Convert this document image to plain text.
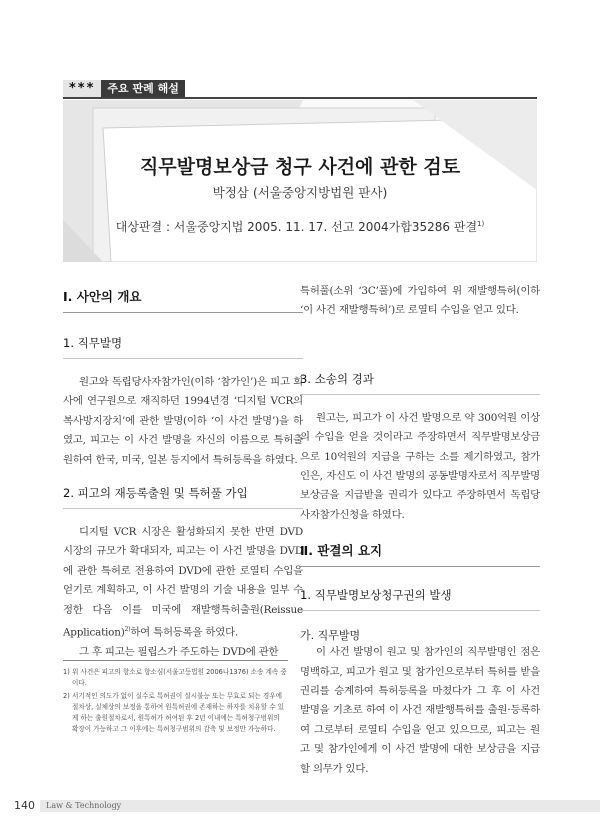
***	주요 판례 해설
직무발명보상금 청구 사건에 관한 검토
박정삼 (서울중앙지방법원 판사)
대상판결 : 서울중앙지법 2005. 11. 17. 선고 2004가합35286 판결$^{1)}$
Ⅰ. 사안의 개요
1. 직무발명

원고와 독립당사자참가인(이하 ‘참가인’)은 피고 회사에 연구원으로 재직하던 1994년경 ‘디지털 VCR의 복사방지장치’에 관한 발명(이하 ‘이 사건 발명’)을 하였고, 피고는 이 사건 발명을 자신의 이름으로 특허출원하여 한국, 미국, 일본 등지에서 특허등록을 하였다.

2. 피고의 재등록출원 및 특허풀 가입

디지털 VCR 시장은 활성화되지 못한 반면 DVD 시장의 규모가 확대되자, 피고는 이 사건 발명을 DVD에 관한 특허로 전용하여 DVD에 관한 로열티 수입을 얻기로 계획하고, 이 사건 발명의 기술 내용을 일부 수정한 다음 이를 미국에 재발행특허출원(Reissue Application)$^{2)}$하여 특허등록을 하였다.

그 후 피고는 필립스가 주도하는 DVD에 관한

특허풀(소위 ‘3C’풀)에 가입하여 위 재발행특허(이하 ‘이 사건 재발행특허’)로 로열티 수입을 얻고 있다.

3. 소송의 경과

원고는, 피고가 이 사건 발명으로 약 300억원 이상의 수입을 얻을 것이라고 주장하면서 직무발명보상금으로 10억원의 지급을 구하는 소를 제기하였고, 참가인은, 자신도 이 사건 발명의 공동발명자로서 직무발명보상금을 지급받을 권리가 있다고 주장하면서 독립당사자참가신청을 하였다.

Ⅱ. 판결의 요지
1. 직무발명보상청구권의 발생
가. 직무발명

이 사건 발명이 원고 및 참가인의 직무발명인 점은 명백하고, 피고가 원고 및 참가인으로부터 특허를 받을 권리를 승계하여 특허등록을 마쳤다가 그 후 이 사건 발명을 기초로 하여 이 사건 재발행특허를 출원·등록하여 그로부터 로열티 수입을 얻고 있으므로, 피고는 원고 및 참가인에게 이 사건 발명에 대한 보상금을 지급할 의무가 있다.

1) 위 사건은 피고의 항소로 항소심(서울고등법원 2006나1376) 소송 계속 중이다.
2) 서기적인 의도가 없이 실수로 특허권이 실시불능 또는 무효로 되는 경우에 절차상, 실체상의 보정을 통하여 원특허권에 존재하는 하자를 치유할 수 있게 하는 출원절차로서, 원특허가 허여된 후 2년 이내에는 특허청구범위의 확장이 가능하고 그 이후에는 특허청구범위의 감축 및 보정만 가능하다.
140 Law & Technology
